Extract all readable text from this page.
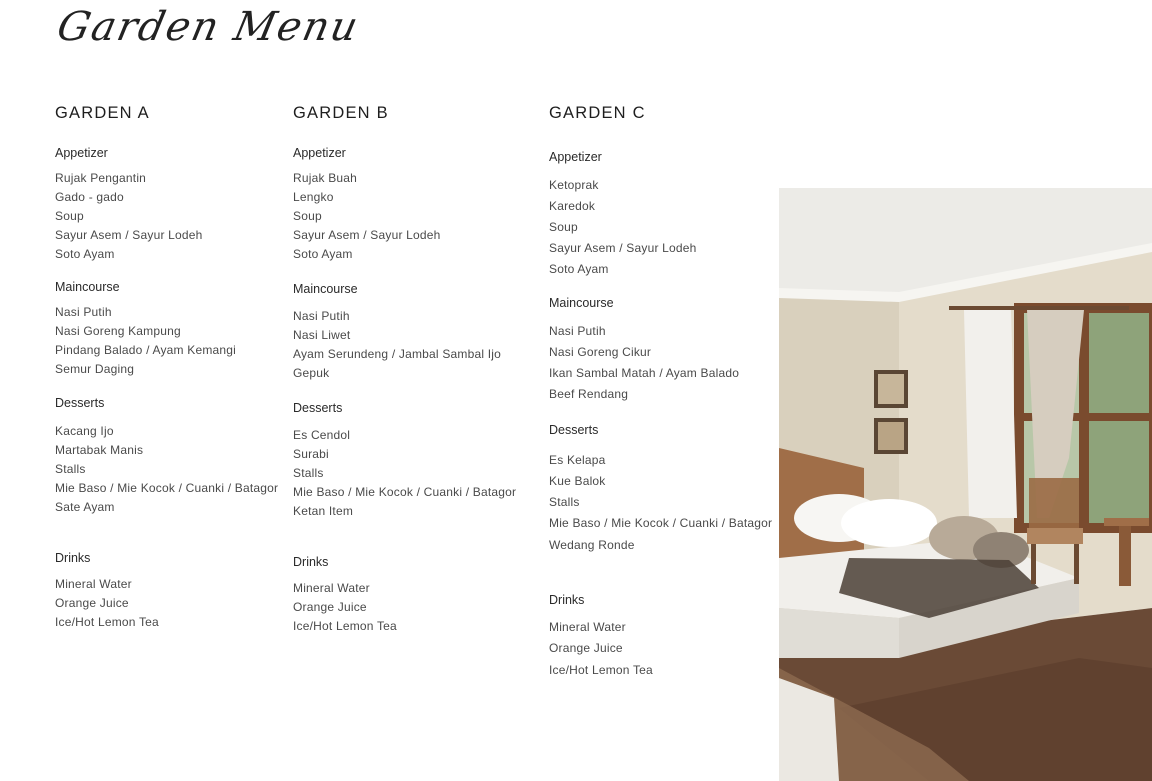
Garden Menu
GARDEN A
Appetizer
Rujak Pengantin
Gado - gado
Soup
Sayur Asem / Sayur Lodeh
Soto Ayam
Maincourse
Nasi Putih
Nasi Goreng Kampung
Pindang Balado / Ayam Kemangi
Semur Daging
Desserts
Kacang Ijo
Martabak Manis
Stalls
Mie Baso / Mie Kocok / Cuanki / Batagor
Sate Ayam
Drinks
Mineral Water
Orange Juice
Ice/Hot Lemon Tea
GARDEN B
Appetizer
Rujak Buah
Lengko
Soup
Sayur Asem / Sayur Lodeh
Soto Ayam
Maincourse
Nasi Putih
Nasi Liwet
Ayam Serundeng / Jambal Sambal Ijo
Gepuk
Desserts
Es Cendol
Surabi
Stalls
Mie Baso / Mie Kocok / Cuanki / Batagor
Ketan Item
Drinks
Mineral Water
Orange Juice
Ice/Hot Lemon Tea
GARDEN C
Appetizer
Ketoprak
Karedok
Soup
Sayur Asem / Sayur Lodeh
Soto Ayam
Maincourse
Nasi Putih
Nasi Goreng Cikur
Ikan Sambal Matah / Ayam Balado
Beef Rendang
Desserts
Es Kelapa
Kue Balok
Stalls
Mie Baso / Mie Kocok / Cuanki / Batagor
Wedang Ronde
Drinks
Mineral Water
Orange Juice
Ice/Hot Lemon Tea
